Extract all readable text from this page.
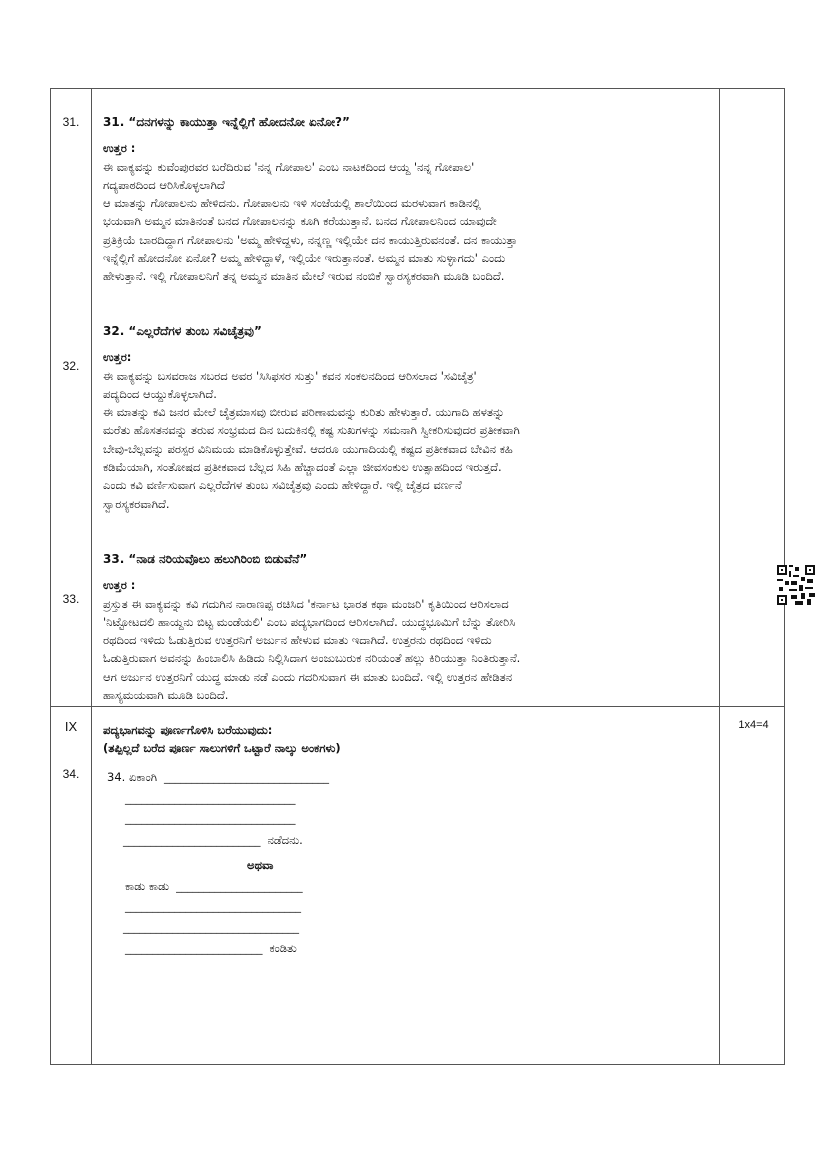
31.
32.
33.
IX
34.
31. “ದನಗಳನ್ನು ಕಾಯುತ್ತಾ ಇನ್ನೆಲ್ಲಿಗೆ ಹೋದನೋ ಏನೋ?”
ಉತ್ತರ :
ಈ ವಾಕ್ಯವನ್ನು ಕುವೆಂಪುರವರ ಬರೆದಿರುವ 'ನನ್ನ ಗೋಪಾಲ' ಎಂಬ ನಾಟಕದಿಂದ ಆಯ್ದ 'ನನ್ನ ಗೋಪಾಲ'
ಗದ್ಯಪಾಠದಿಂದ ಆರಿಸಿಕೊಳ್ಳಲಾಗಿದೆ
ಆ ಮಾತನ್ನು ಗೋಪಾಲನು ಹೇಳಿದನು. ಗೋಪಾಲನು ಇಳಿ ಸಂಜೆಯಲ್ಲಿ ಶಾಲೆಯಿಂದ ಮರಳುವಾಗ ಕಾಡಿನಲ್ಲಿ
ಭಯವಾಗಿ ಅಮ್ಮನ ಮಾತಿನಂತೆ ಬನದ ಗೋಪಾಲನನ್ನು ಕೂಗಿ ಕರೆಯುತ್ತಾನೆ. ಬನದ ಗೋಪಾಲನಿಂದ ಯಾವುದೇ
ಪ್ರತಿಕ್ರಿಯೆ ಬಾರದಿದ್ದಾಗ ಗೋಪಾಲನು 'ಅಮ್ಮ ಹೇಳಿದ್ದಳು, ನನ್ನಣ್ಣ ಇಲ್ಲಿಯೇ ದನ ಕಾಯುತ್ತಿರುವನಂತೆ. ದನ ಕಾಯುತ್ತಾ
ಇನ್ನೆಲ್ಲಿಗೆ ಹೋದನೋ ಏನೋ? ಅಮ್ಮ ಹೇಳಿದ್ದಾಳೆ, ಇಲ್ಲಿಯೇ ಇರುತ್ತಾನಂತೆ. ಅಮ್ಮನ ಮಾತು ಸುಳ್ಳಾಗದು' ಎಂದು
ಹೇಳುತ್ತಾನೆ. ಇಲ್ಲಿ ಗೋಪಾಲನಿಗೆ ತನ್ನ ಅಮ್ಮನ ಮಾತಿನ ಮೇಲೆ ಇರುವ ನಂಬಿಕೆ ಸ್ವಾರಸ್ಯಕರವಾಗಿ ಮೂಡಿ ಬಂದಿದೆ.
32. “ಎಲ್ಲರೆದೆಗಳ ತುಂಬ ಸವಿಚೈತ್ರವು”
ಉತ್ತರ:
ಈ ವಾಕ್ಯವನ್ನು ಬಸವರಾಜ ಸಬರದ ಅವರ 'ಸಿಸಿಫಸರ ಸುತ್ತು' ಕವನ ಸಂಕಲನದಿಂದ ಆರಿಸಲಾದ 'ಸವಿಚೈತ್ರ'
ಪದ್ಯದಿಂದ ಆಯ್ದುಕೊಳ್ಳಲಾಗಿದೆ.
ಈ ಮಾತನ್ನು ಕವಿ ಜನರ ಮೇಲೆ ಚೈತ್ರಮಾಸವು ಬೀರುವ ಪರಿಣಾಮವನ್ನು ಕುರಿತು ಹೇಳುತ್ತಾರೆ. ಯುಗಾದಿ ಹಳತನ್ನು
ಮರೆತು ಹೊಸತನವನ್ನು ತರುವ ಸಂಭ್ರಮದ ದಿನ ಬದುಕಿನಲ್ಲಿ ಕಷ್ಟ ಸುಖಗಳನ್ನು ಸಮನಾಗಿ ಸ್ವೀಕರಿಸುವುದರ ಪ್ರತೀಕವಾಗಿ
ಬೇವು-ಬೆಲ್ಲವನ್ನು ಪರಸ್ಪರ ವಿನಿಮಯ ಮಾಡಿಕೊಳ್ಳುತ್ತೇವೆ. ಆದರೂ ಯುಗಾದಿಯಲ್ಲಿ ಕಷ್ಟದ ಪ್ರತೀಕವಾದ ಬೇವಿನ ಕಹಿ
ಕಡಿಮೆಯಾಗಿ, ಸಂತೋಷದ ಪ್ರತೀಕವಾದ ಬೆಲ್ಲದ ಸಿಹಿ ಹೆಚ್ಚಾದಂತೆ ಎಲ್ಲಾ ಜೀವಸಂಕುಲ ಉತ್ಸಾಹದಿಂದ ಇರುತ್ತದೆ.
ಎಂದು ಕವಿ ವರ್ಣಿಸುವಾಗ ಎಲ್ಲರೆದೆಗಳ ತುಂಬ ಸವಿಚೈತ್ರವು ಎಂದು ಹೇಳಿದ್ದಾರೆ. ಇಲ್ಲಿ ಚೈತ್ರದ ವರ್ಣನೆ
ಸ್ವಾರಸ್ಯಕರವಾಗಿದೆ.
33. “ನಾಡ ನರಿಯವೊಲು ಹಲುಗಿರಿಂಬಿ ಬಿಡುವೆನೆ”
ಉತ್ತರ :
ಪ್ರಸ್ತುತ ಈ ವಾಕ್ಯವನ್ನು ಕವಿ ಗದುಗಿನ ನಾರಾಣಪ್ಪ ರಚಿಸಿದ 'ಕರ್ನಾಟ ಭಾರತ ಕಥಾ ಮಂಜರಿ' ಕೃತಿಯಿಂದ ಆರಿಸಲಾದ
'ನಿಟ್ಟೋಟದಲಿ ಹಾಯ್ದನು ಬಿಟ್ಟ ಮಂಡೆಯಲಿ' ಎಂಬ ಪದ್ಯಭಾಗದಿಂದ ಆರಿಸಲಾಗಿದೆ. ಯುದ್ಧಭೂಮಿಗೆ ಬೆನ್ನು ತೋರಿಸಿ
ರಥದಿಂದ ಇಳಿದು ಓಡುತ್ತಿರುವ ಉತ್ತರನಿಗೆ ಅರ್ಜುನ ಹೇಳುವ ಮಾತು ಇದಾಗಿದೆ. ಉತ್ತರನು ರಥದಿಂದ ಇಳಿದು
ಓಡುತ್ತಿರುವಾಗ ಅವನನ್ನು ಹಿಂಬಾಲಿಸಿ ಹಿಡಿದು ನಿಲ್ಲಿಸಿದಾಗ ಅಂಜುಬುರುಕ ನರಿಯಂತೆ ಹಲ್ಲು ಕಿರಿಯುತ್ತಾ ನಿಂತಿರುತ್ತಾನೆ.
ಆಗ ಅರ್ಜುನ ಉತ್ತರನಿಗೆ ಯುದ್ಧ ಮಾಡು ನಡೆ ಎಂದು ಗದರಿಸುವಾಗ ಈ ಮಾತು ಬಂದಿದೆ. ಇಲ್ಲಿ ಉತ್ತರನ ಹೇಡಿತನ
ಹಾಸ್ಯಮಯವಾಗಿ ಮೂಡಿ ಬಂದಿದೆ.
ಪದ್ಯಭಾಗವನ್ನು ಪೂರ್ಣಗೊಳಿಸಿ ಬರೆಯುವುದು:
(ತಪ್ಪಿಲ್ಲದೆ ಬರೆದ ಪೂರ್ಣ ಸಾಲುಗಳಿಗೆ ಒಟ್ಟಾರೆ ನಾಲ್ಕು ಅಂಕಗಳು)
1x4=4
34. ಏಕಾಂಗಿ  ______________________________
_______________________________
_______________________________
_________________________  ನಡೆದನು.
ಅಥವಾ
ಕಾಡು ಕಾಡು  _______________________
________________________________
________________________________
_________________________  ಕಂಡಿತು
